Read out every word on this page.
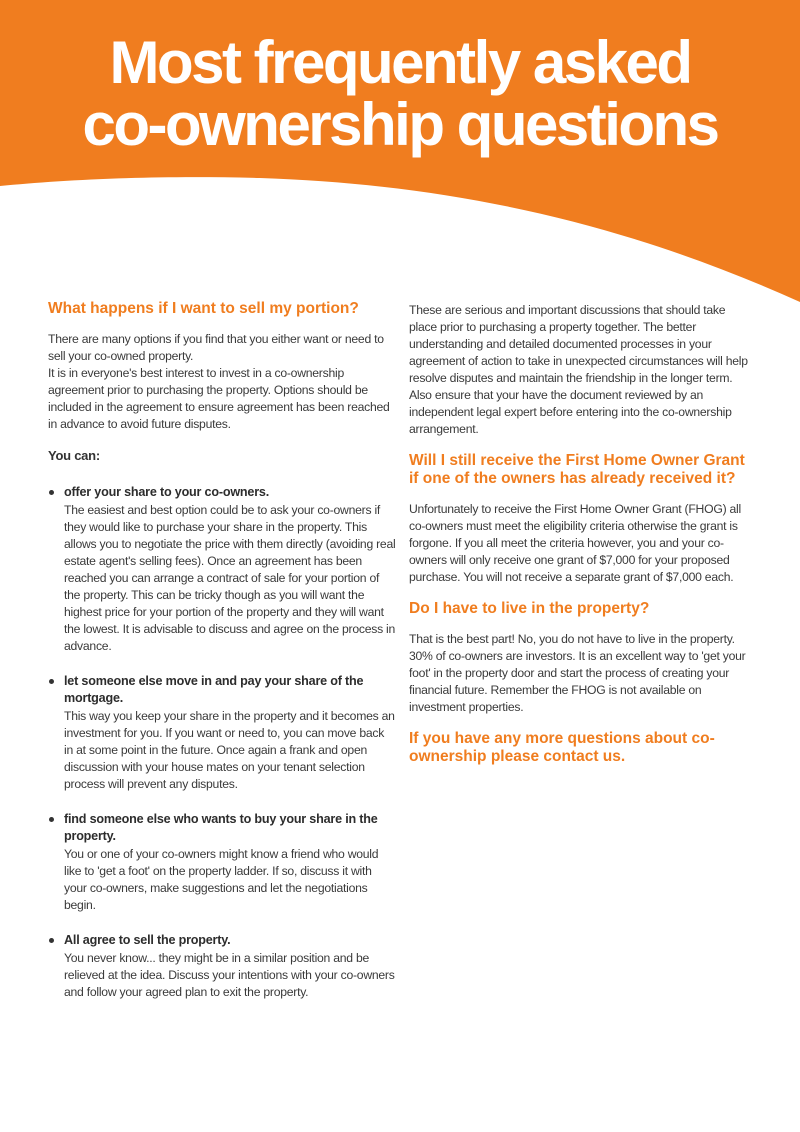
Most frequently asked
co-ownership questions
What happens if I want to sell my portion?

There are many options if you find that you either want or need to sell your co-owned property.

It is in everyone's best interest to invest in a co-ownership agreement prior to purchasing the property. Options should be included in the agreement to ensure agreement has been reached in advance to avoid future disputes.

You can:

offer your share to your co-owners.

The easiest and best option could be to ask your co-owners if they would like to purchase your share in the property. This allows you to negotiate the price with them directly (avoiding real estate agent's selling fees). Once an agreement has been reached you can arrange a contract of sale for your portion of the property. This can be tricky though as you will want the highest price for your portion of the property and they will want the lowest. It is advisable to discuss and agree on the process in advance.

let someone else move in and pay your share of the mortgage.

This way you keep your share in the property and it becomes an investment for you. If you want or need to, you can move back in at some point in the future. Once again a frank and open discussion with your house mates on your tenant selection process will prevent any disputes.

find someone else who wants to buy your share in the property.

You or one of your co-owners might know a friend who would like to 'get a foot' on the property ladder. If so, discuss it with your co-owners, make suggestions and let the negotiations begin.

All agree to sell the property.

You never know... they might be in a similar position and be relieved at the idea. Discuss your intentions with your co-owners and follow your agreed plan to exit the property.

These are serious and important discussions that should take place prior to purchasing a property together. The better understanding and detailed documented processes in your agreement of action to take in unexpected circumstances will help resolve disputes and maintain the friendship in the longer term. Also ensure that your have the document reviewed by an independent legal expert before entering into the co-ownership arrangement.

Will I still receive the First Home Owner Grant if one of the owners has already received it?

Unfortunately to receive the First Home Owner Grant (FHOG) all co-owners must meet the eligibility criteria otherwise the grant is forgone. If you all meet the criteria however, you and your co-owners will only receive one grant of $7,000 for your proposed purchase. You will not receive a separate grant of $7,000 each.

Do I have to live in the property?

That is the best part! No, you do not have to live in the property. 30% of co-owners are investors. It is an excellent way to 'get your foot' in the property door and start the process of creating your financial future. Remember the FHOG is not available on investment properties.

If you have any more questions about co-ownership please contact us.
